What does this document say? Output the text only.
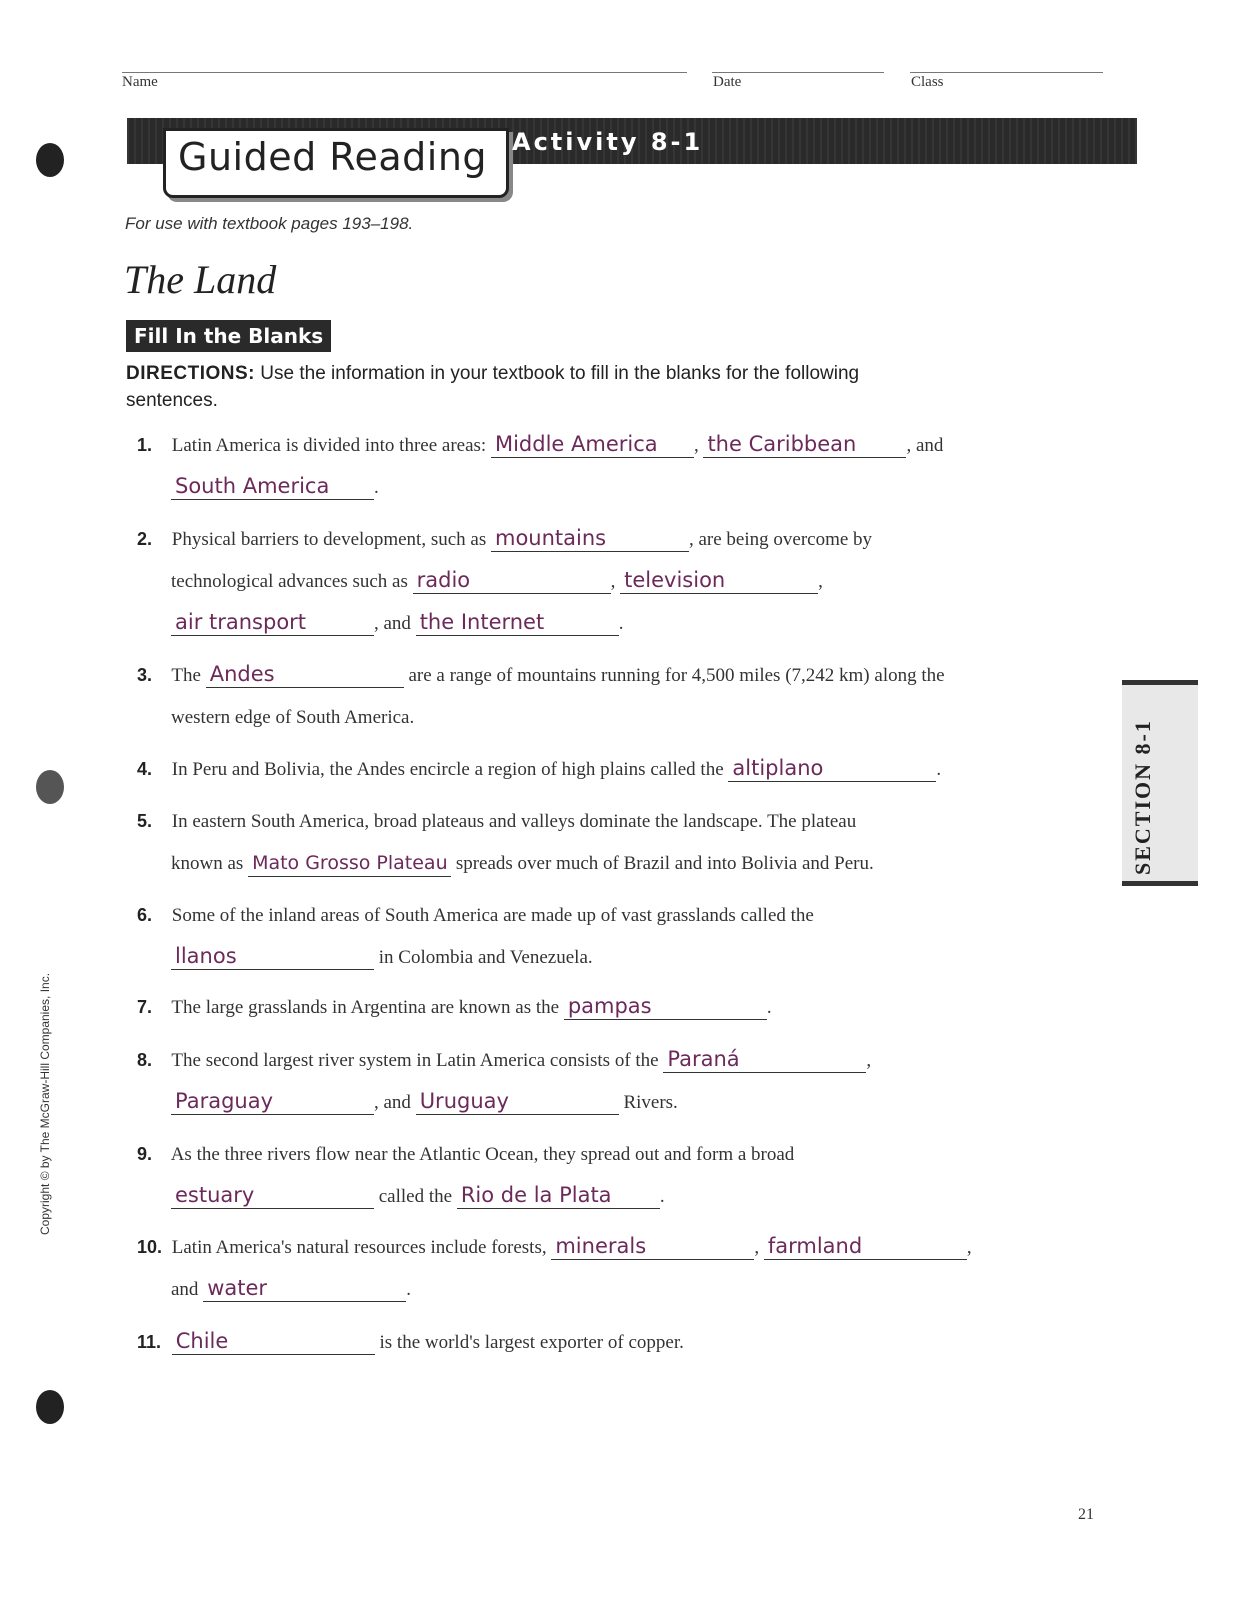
Name	Date	Class
Guided Reading Activity 8-1
For use with textbook pages 193–198.
The Land
Fill In the Blanks
DIRECTIONS: Use the information in your textbook to fill in the blanks for the following sentences.
1. Latin America is divided into three areas: Middle America , the Caribbean	, and
South America .
2. Physical barriers to development, such as mountains	, are being overcome by
technological advances such as radio	, television	,
air transport	, and the Internet	.
3. The Andes	are a range of mountains running for 4,500 miles (7,242 km) along the
western edge of South America.
4. In Peru and Bolivia, the Andes encircle a region of high plains called the altiplano	.
5. In eastern South America, broad plateaus and valleys dominate the landscape. The plateau
known as Mato Grosso Plateau spreads over much of Brazil and into Bolivia and Peru.
6. Some of the inland areas of South America are made up of vast grasslands called the
llanos	in Colombia and Venezuela.
7. The large grasslands in Argentina are known as the pampas	.
8. The second largest river system in Latin America consists of the Paraná	,
Paraguay	, and Uruguay	Rivers.
9. As the three rivers flow near the Atlantic Ocean, they spread out and form a broad
estuary	called the Rio de la Plata	.
10. Latin America's natural resources include forests, minerals	, farmland	,
and water	.
11. Chile	is the world's largest exporter of copper.
SECTION 8-1
Copyright © by The McGraw-Hill Companies, Inc.
21
